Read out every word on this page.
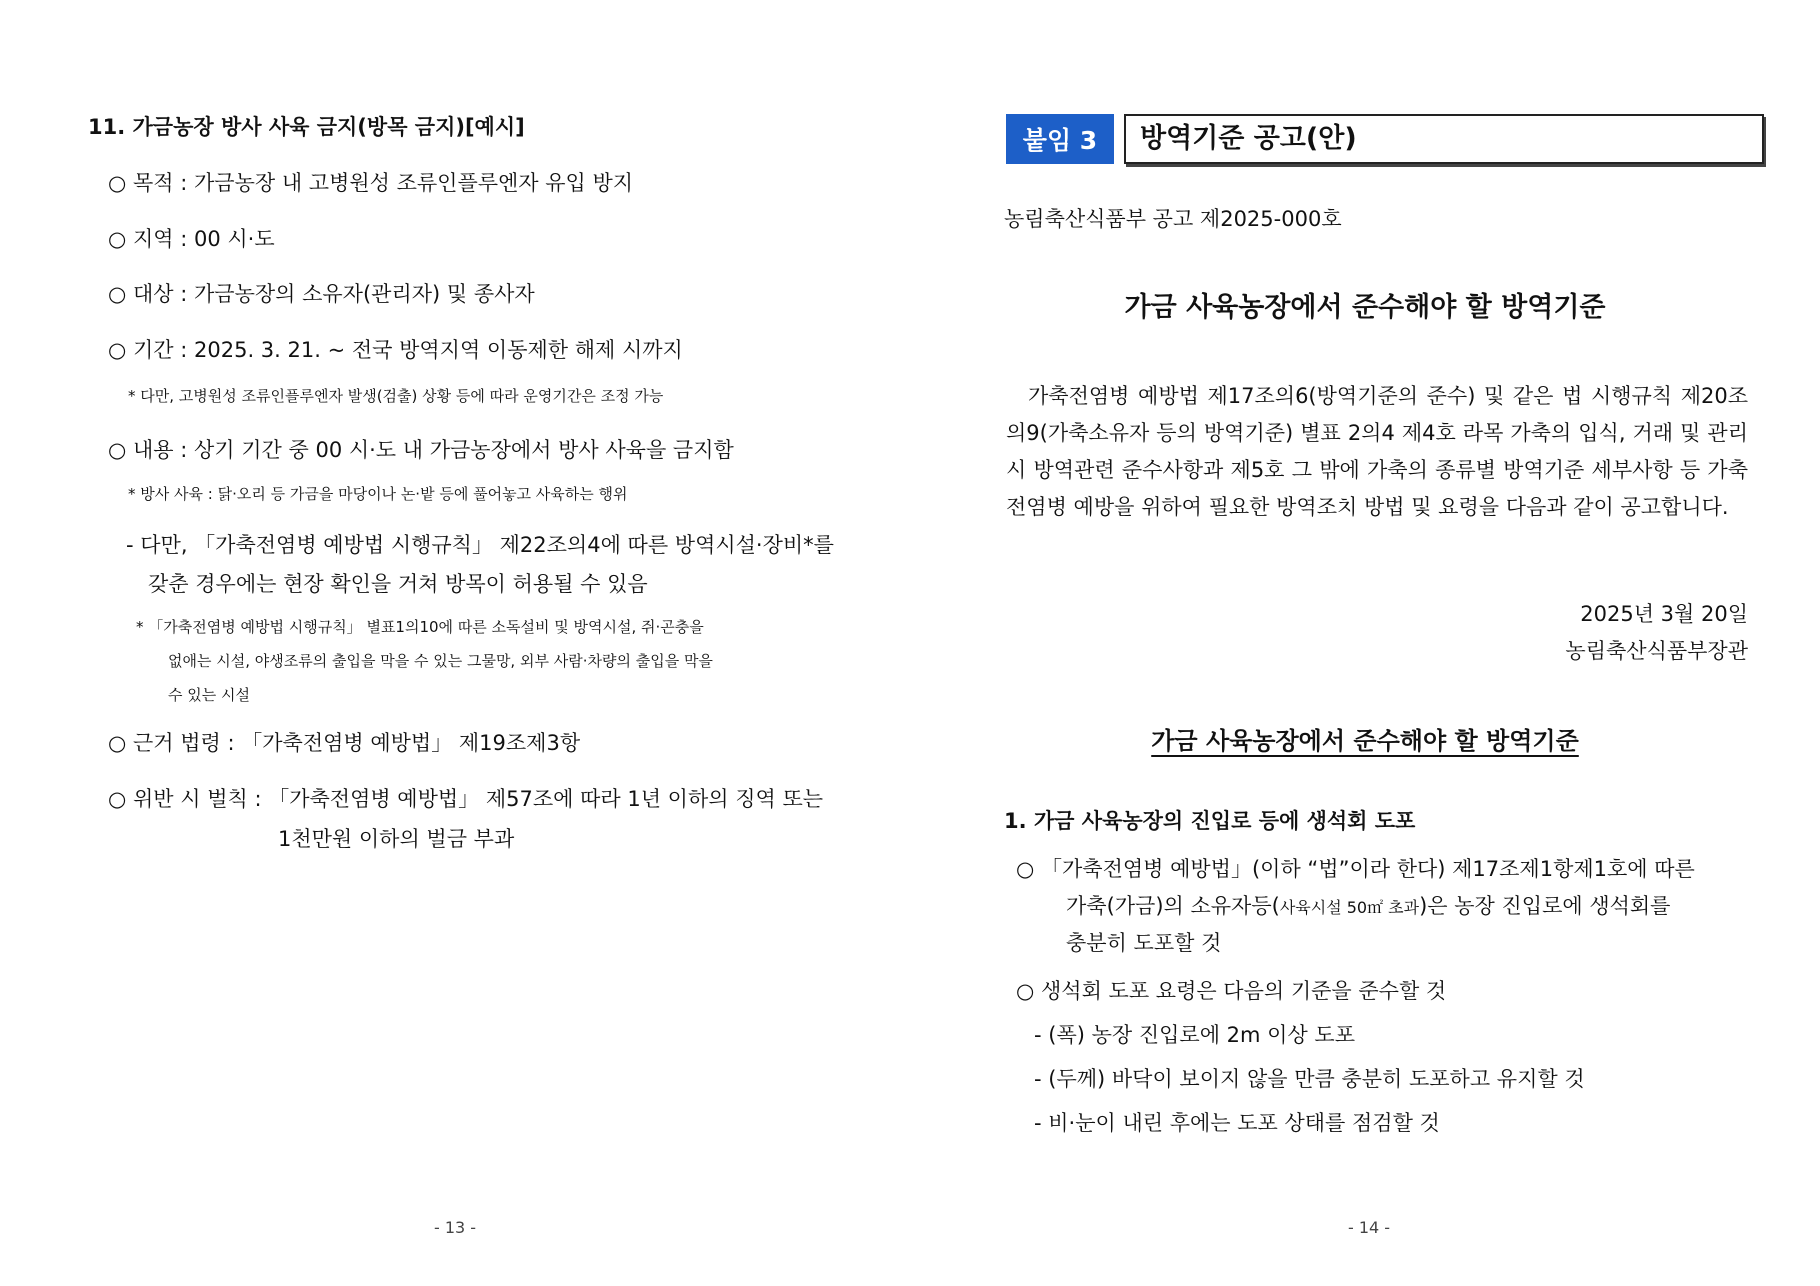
11. 가금농장 방사 사육 금지(방목 금지)[예시]
○ 목적 : 가금농장 내 고병원성 조류인플루엔자 유입 방지
○ 지역 : 00 시·도
○ 대상 : 가금농장의 소유자(관리자) 및 종사자
○ 기간 : 2025. 3. 21. ~ 전국 방역지역 이동제한 해제 시까지
* 다만, 고병원성 조류인플루엔자 발생(검출) 상황 등에 따라 운영기간은 조정 가능
○ 내용 : 상기 기간 중 00 시·도 내 가금농장에서 방사 사육을 금지함
* 방사 사육 : 닭·오리 등 가금을 마당이나 논·밭 등에 풀어놓고 사육하는 행위
- 다만, 「가축전염병 예방법 시행규칙」 제22조의4에 따른 방역시설·장비*를
갖춘 경우에는 현장 확인을 거쳐 방목이 허용될 수 있음
* 「가축전염병 예방법 시행규칙」 별표1의10에 따른 소독설비 및 방역시설, 쥐·곤충을
없애는 시설, 야생조류의 출입을 막을 수 있는 그물망, 외부 사람·차량의 출입을 막을
수 있는 시설
○ 근거 법령 : 「가축전염병 예방법」 제19조제3항
○ 위반 시 벌칙 : 「가축전염병 예방법」 제57조에 따라 1년 이하의 징역 또는
1천만원 이하의 벌금 부과
- 13 -
붙임 3	방역기준 공고(안)
농림축산식품부 공고 제2025-000호
가금 사육농장에서 준수해야 할 방역기준
가축전염병 예방법 제17조의6(방역기준의 준수) 및 같은 법 시행규칙 제20조의9(가축소유자 등의 방역기준) 별표 2의4 제4호 라목 가축의 입식, 거래 및 관리 시 방역관련 준수사항과 제5호 그 밖에 가축의 종류별 방역기준 세부사항 등 가축전염병 예방을 위하여 필요한 방역조치 방법 및 요령을 다음과 같이 공고합니다.
2025년 3월 20일
농림축산식품부장관
가금 사육농장에서 준수해야 할 방역기준
1. 가금 사육농장의 진입로 등에 생석회 도포
○ 「가축전염병 예방법」(이하 “법”이라 한다) 제17조제1항제1호에 따른
가축(가금)의 소유자등(사육시설 50㎡ 초과)은 농장 진입로에 생석회를
충분히 도포할 것
○ 생석회 도포 요령은 다음의 기준을 준수할 것
- (폭) 농장 진입로에 2m 이상 도포
- (두께) 바닥이 보이지 않을 만큼 충분히 도포하고 유지할 것
- 비·눈이 내린 후에는 도포 상태를 점검할 것
- 14 -
